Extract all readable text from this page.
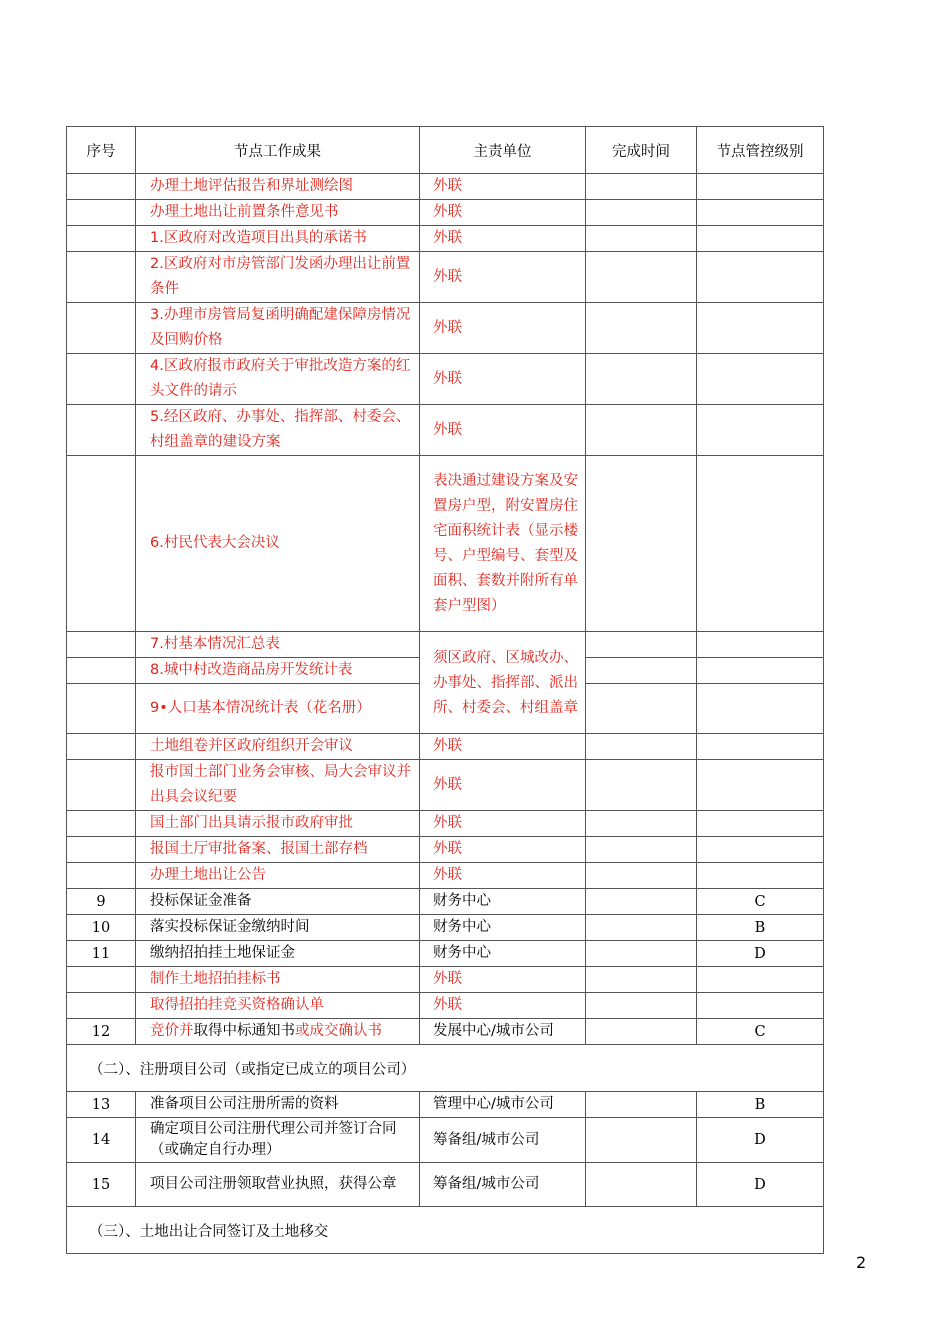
序号	节点工作成果	主责单位	完成时间	节点管控级别
	办理土地评估报告和界址测绘图	外联		
	办理土地出让前置条件意见书	外联		
	1.区政府对改造项目出具的承诺书	外联		
	2.区政府对市房管部门发函办理出让前置条件	外联		
	3.办理市房管局复函明确配建保障房情况及回购价格	外联		
	4.区政府报市政府关于审批改造方案的红头文件的请示	外联		
	5.经区政府、办事处、指挥部、村委会、村组盖章的建设方案	外联		
	6.村民代表大会决议	表决通过建设方案及安置房户型，附安置房住宅面积统计表（显示楼号、户型编号、套型及面积、套数并附所有单套户型图）		
	7.村基本情况汇总表	须区政府、区城改办、办事处、指挥部、派出所、村委会、村组盖章		
	8.城中村改造商品房开发统计表			
	9•人口基本情况统计表（花名册）			
	土地组卷并区政府组织开会审议	外联		
	报市国土部门业务会审核、局大会审议并出具会议纪要	外联		
	国土部门出具请示报市政府审批	外联		
	报国土厅审批备案、报国土部存档	外联		
	办理土地出让公告	外联		
9	投标保证金准备	财务中心		C
10	落实投标保证金缴纳时间	财务中心		B
11	缴纳招拍挂土地保证金	财务中心		D
	制作土地招拍挂标书	外联		
	取得招拍挂竞买资格确认单	外联		
12	竞价并取得中标通知书或成交确认书	发展中心/城市公司		C
（二）、注册项目公司（或指定已成立的项目公司）				
13	准备项目公司注册所需的资料	管理中心/城市公司		B
14	确定项目公司注册代理公司并签订合同（或确定自行办理）	筹备组/城市公司		D
15	项目公司注册领取营业执照，获得公章	筹备组/城市公司		D
（三）、土地出让合同签订及土地移交				
2
